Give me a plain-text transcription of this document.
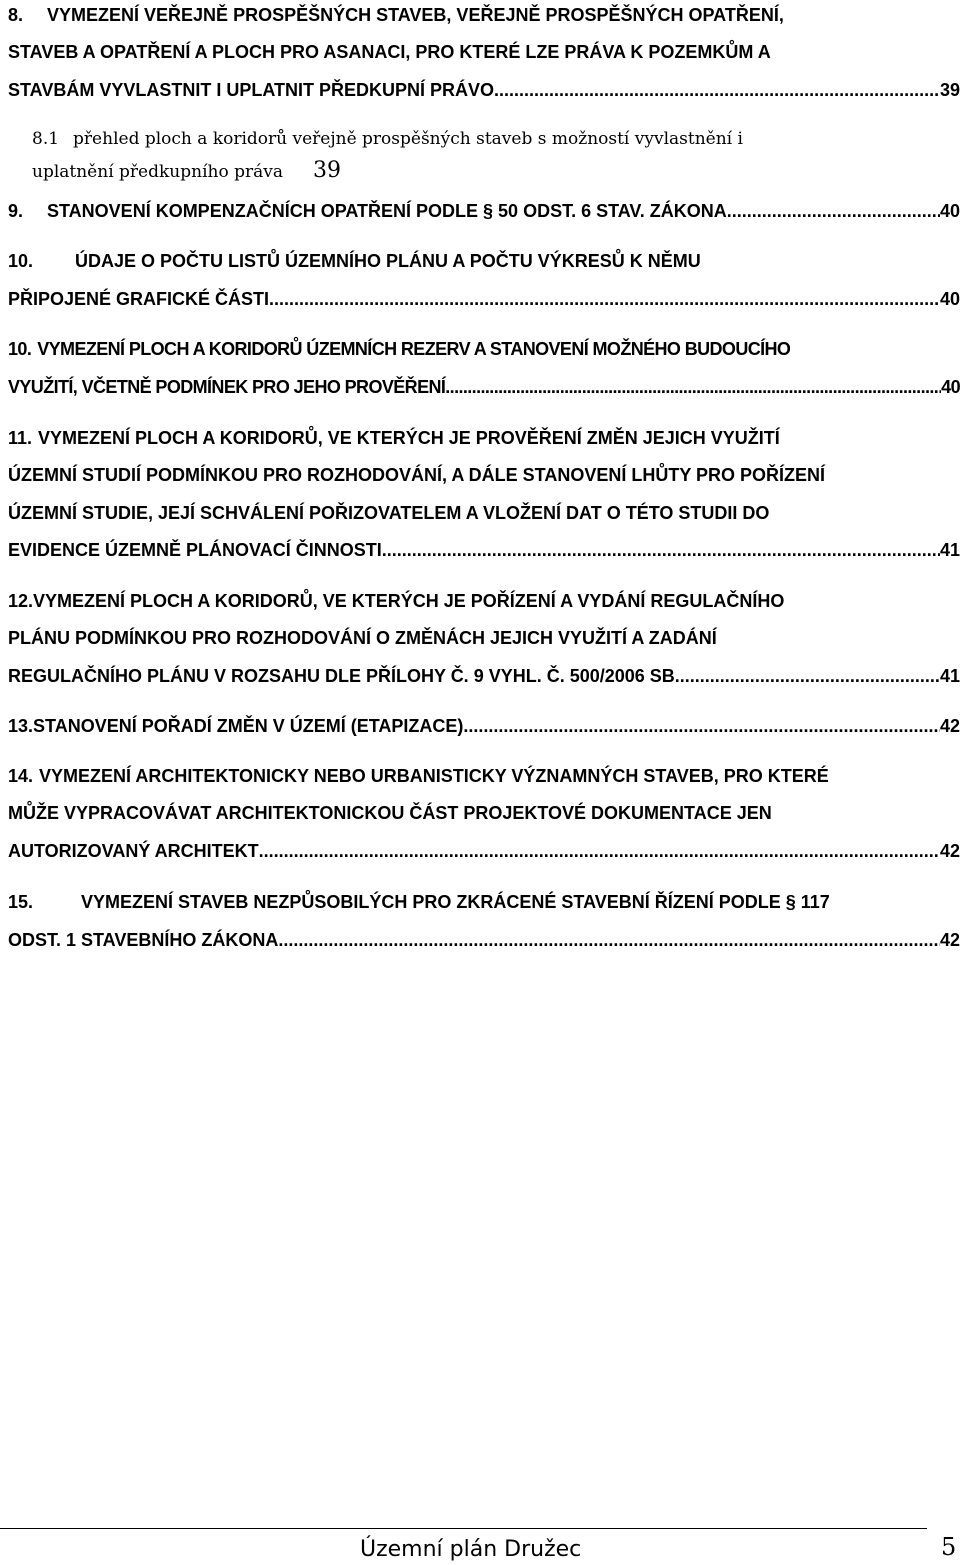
8. VYMEZENÍ VEŘEJNĚ PROSPĚŠNÝCH STAVEB, VEŘEJNĚ PROSPĚŠNÝCH OPATŘENÍ,
STAVEB A OPATŘENÍ A PLOCH PRO ASANACI, PRO KTERÉ LZE PRÁVA K POZEMKŮM A
STAVBÁM VYVLASTNIT I UPLATNIT PŘEDKUPNÍ PRÁVO .....	39
8.1 přehled ploch a koridorů veřejně prospěšných staveb s možností vyvlastnění i
uplatnění předkupního práva 39
9. STANOVENÍ KOMPENZAČNÍCH OPATŘENÍ PODLE § 50 ODST. 6 STAV. ZÁKONA .....	40
10. ÚDAJE O POČTU LISTŮ ÚZEMNÍHO PLÁNU A POČTU VÝKRESŮ K NĚMU
PŘIPOJENÉ GRAFICKÉ ČÁSTI .....	40
10. VYMEZENÍ PLOCH A KORIDORŮ ÚZEMNÍCH REZERV A STANOVENÍ MOŽNÉHO BUDOUCÍHO
VYUŽITÍ, VČETNĚ PODMÍNEK PRO JEHO PROVĚŘENÍ .....	40
11. VYMEZENÍ PLOCH A KORIDORŮ, VE KTERÝCH JE PROVĚŘENÍ ZMĚN JEJICH VYUŽITÍ
ÚZEMNÍ STUDIÍ PODMÍNKOU PRO ROZHODOVÁNÍ, A DÁLE STANOVENÍ LHŮTY PRO POŘÍZENÍ
ÚZEMNÍ STUDIE, JEJÍ SCHVÁLENÍ POŘIZOVATELEM A VLOŽENÍ DAT O TÉTO STUDII DO
EVIDENCE ÚZEMNĚ PLÁNOVACÍ ČINNOSTI .....	41
12.VYMEZENÍ PLOCH A KORIDORŮ, VE KTERÝCH JE POŘÍZENÍ A VYDÁNÍ REGULAČNÍHO
PLÁNU PODMÍNKOU PRO ROZHODOVÁNÍ O ZMĚNÁCH JEJICH VYUŽITÍ A ZADÁNÍ
REGULAČNÍHO PLÁNU V ROZSAHU DLE PŘÍLOHY Č. 9 VYHL. Č. 500/2006 SB .....	41
13.STANOVENÍ POŘADÍ ZMĚN V ÚZEMÍ (ETAPIZACE) .....	42
14. VYMEZENÍ ARCHITEKTONICKY NEBO URBANISTICKY VÝZNAMNÝCH STAVEB, PRO KTERÉ
MŮŽE VYPRACOVÁVAT ARCHITEKTONICKOU ČÁST PROJEKTOVÉ DOKUMENTACE JEN
AUTORIZOVANÝ ARCHITEKT .....	42
15.	VYMEZENÍ STAVEB NEZPŮSOBILÝCH PRO ZKRÁCENÉ STAVEBNÍ ŘÍZENÍ PODLE § 117
ODST. 1 STAVEBNÍHO ZÁKONA .....	42
Územní plán Družec	5
